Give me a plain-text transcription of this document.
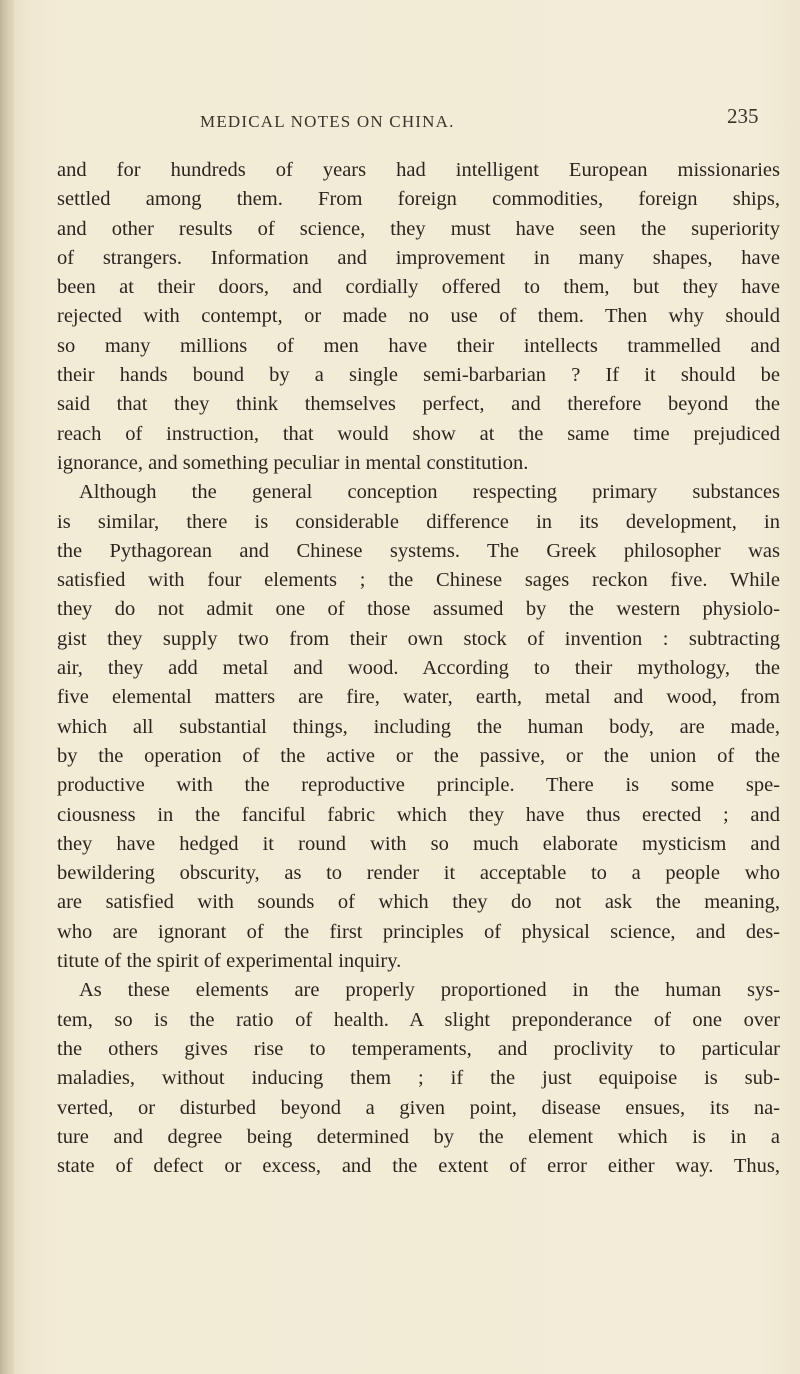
MEDICAL NOTES ON CHINA.	235
and for hundreds of years had intelligent European missionaries
settled among them. From foreign commodities, foreign ships,
and other results of science, they must have seen the superiority
of strangers. Information and improvement in many shapes, have
been at their doors, and cordially offered to them, but they have
rejected with contempt, or made no use of them. Then why should
so many millions of men have their intellects trammelled and
their hands bound by a single semi-barbarian ? If it should be
said that they think themselves perfect, and therefore beyond the
reach of instruction, that would show at the same time prejudiced
ignorance, and something peculiar in mental constitution.
Although the general conception respecting primary substances
is similar, there is considerable difference in its development, in
the Pythagorean and Chinese systems. The Greek philosopher was
satisfied with four elements ; the Chinese sages reckon five. While
they do not admit one of those assumed by the western physiolo-
gist they supply two from their own stock of invention : subtracting
air, they add metal and wood. According to their mythology, the
five elemental matters are fire, water, earth, metal and wood, from
which all substantial things, including the human body, are made,
by the operation of the active or the passive, or the union of the
productive with the reproductive principle. There is some spe-
ciousness in the fanciful fabric which they have thus erected ; and
they have hedged it round with so much elaborate mysticism and
bewildering obscurity, as to render it acceptable to a people who
are satisfied with sounds of which they do not ask the meaning,
who are ignorant of the first principles of physical science, and des-
titute of the spirit of experimental inquiry.
As these elements are properly proportioned in the human sys-
tem, so is the ratio of health. A slight preponderance of one over
the others gives rise to temperaments, and proclivity to particular
maladies, without inducing them ; if the just equipoise is sub-
verted, or disturbed beyond a given point, disease ensues, its na-
ture and degree being determined by the element which is in a
state of defect or excess, and the extent of error either way. Thus,
